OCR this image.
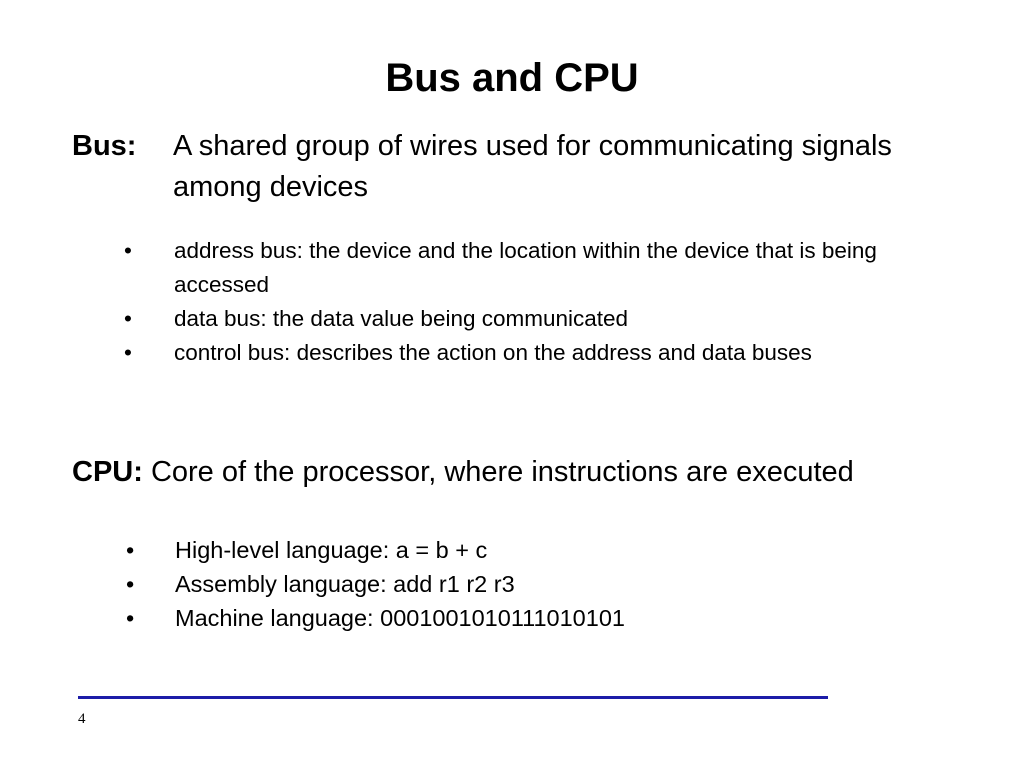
Bus and CPU
Bus: A shared group of wires used for communicating signals among devices
• address bus: the device and the location within the device that is being accessed
• data bus: the data value being communicated
• control bus: describes the action on the address and data buses
CPU: Core of the processor, where instructions are executed
• High-level language: a = b + c
• Assembly language: add r1 r2 r3
• Machine language: 0001001010111010101
4
